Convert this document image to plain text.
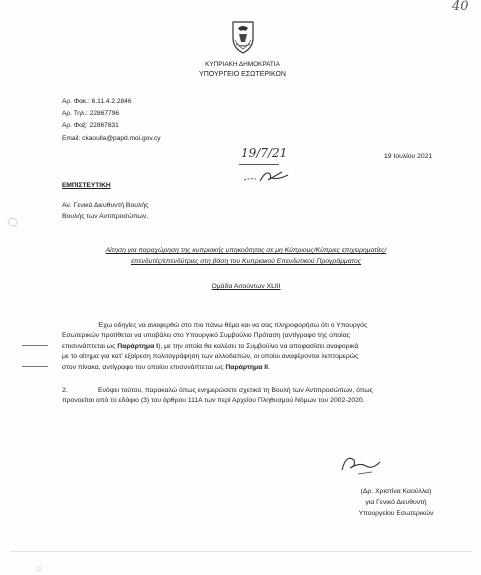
40
ΚΥΠΡΙΑΚΗ ΔΗΜΟΚΡΑΤΙΑ
ΥΠΟΥΡΓΕΙΟ ΕΣΩΤΕΡΙΚΩΝ
Αρ. Φακ.: 6.11.4.2.2846
Αρ. Τηλ.: 22867796
Αρ. Φαξ: 22867831
Email: ckaoulla@papd.moi.gov.cy
19/7/21	19 Ιουλίου 2021
ΕΜΠΙΣΤΕΥΤΙΚΗ
Αν. Γενικό Διευθυντή Βουλής
Βουλής των Αντιπροσώπων,
Αίτηση για παραχώρηση της κυπριακής υπηκοότητας σε μη Κύπριους/Κύπριες επιχειρηματίες/
επενδυτές/επενδύτριες στη βάση του Κυπριακού Επενδυτικού Προγράμματος
Ομάδα Αιτούντων XLIII
Έχω οδηγίες να αναφερθώ στο πιο πάνω θέμα και να σας πληροφορήσω ότι ο Υπουργός
Εσωτερικών προτίθεται να υποβάλει στο Υπουργικό Συμβούλιο Πρόταση (αντίγραφο της οποίας
επισυνάπτεται ως Παράρτημα I), με την οποία θα καλέσει το Συμβούλιο να αποφασίσει αναφορικά
με το αίτημα για κατ' εξαίρεση πολιτογράφηση των αλλοδαπών, οι οποίοι αναφέρονται λεπτομερώς
στον πίνακα, αντίγραφο του οποίου επισυνάπτεται ως Παράρτημα II.
2.	Ενόψει τούτου, παρακαλώ όπως ενημερώσετε σχετικά τη Βουλή των Αντιπροσώπων, όπως
προνοείται από το εδάφιο (3) του άρθρου 111Α των περί Αρχείου Πληθυσμού Νόμων του 2002-2020.
(Δρ. Χριστίνα Καούλλα)
για Γενικό Διευθυντή
Υπουργείου Εσωτερικών
